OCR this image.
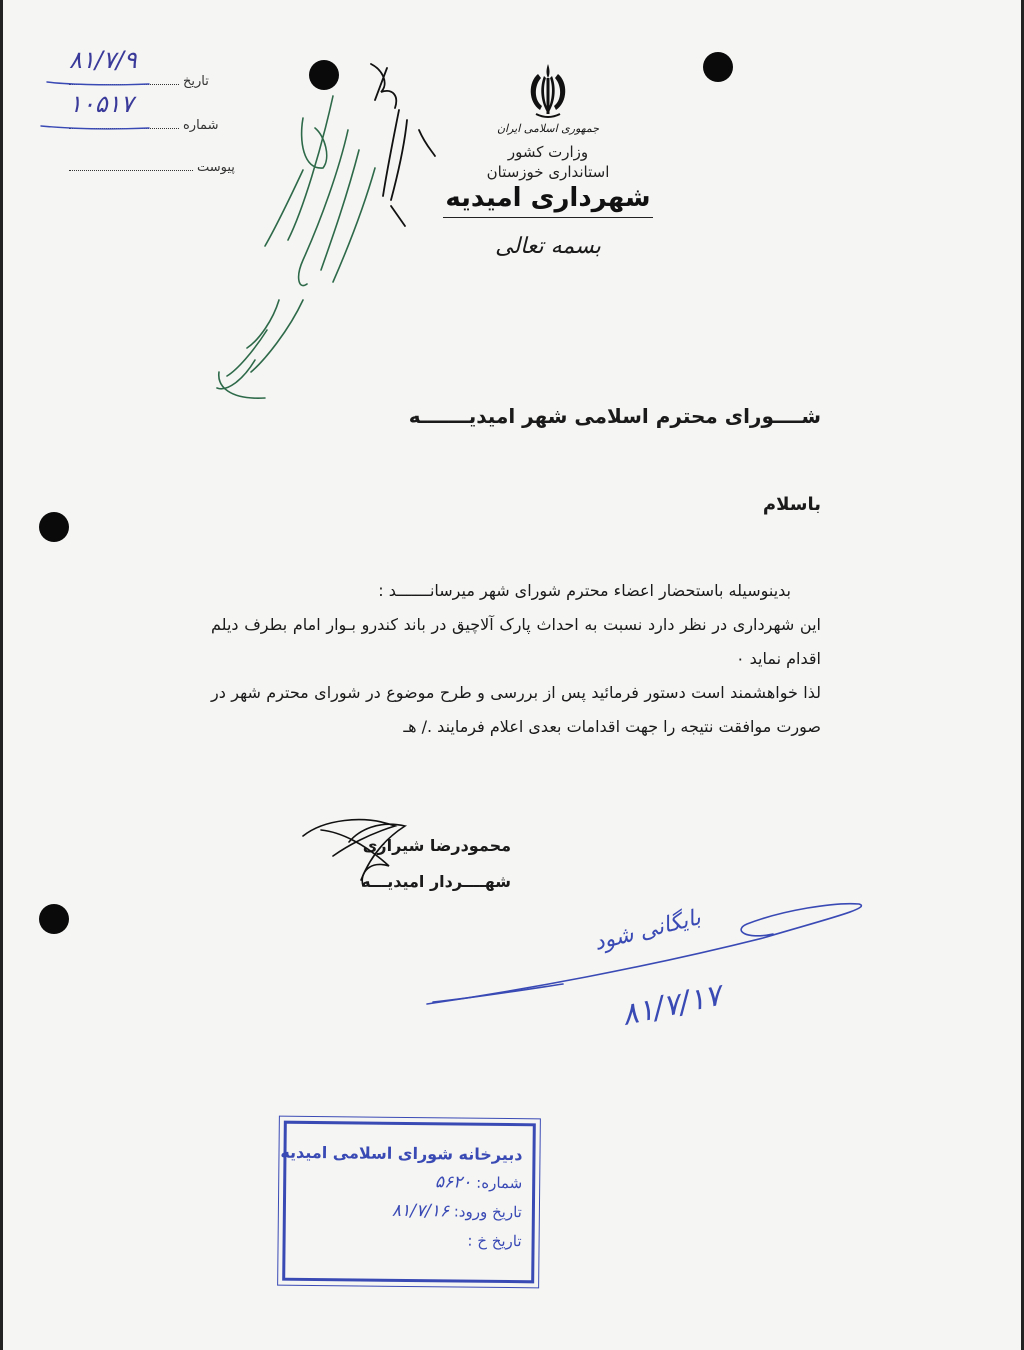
تاریخ
۸۱/۷/۹
شماره
۱۰۵۱۷
پیوست
جمهوری اسلامی ایران
وزارت کشور
استانداری خوزستان
شهرداری امیدیه
بسمه تعالی
شــــورای محترم اسلامی شهر امیدیـــــــه
باسلام

بدینوسیله باستحضار اعضاء محترم شورای شهر میرسانـــــــد :

این شهرداری در نظر دارد نسبت به احداث پارک آلاچیق در باند کندرو بـوار امام بطرف دیلم اقدام نماید ۰

لذا خواهشمند است دستور فرمائید پس از بررسی و طرح موضوع در شورای محترم شهر در صورت موافقت نتیجه را جهت اقدامات بعدی اعلام فرمایند ./ هـ

محمودرضا شیرازی
شهــــردار امیدیـــه
دبیرخانه شورای اسلامی امیدیه
شماره: ۵۶۲۰
تاریخ ورود: ۸۱/۷/۱۶
تاریخ خ :
بایگانی شود
۸۱/۷/۱۷
